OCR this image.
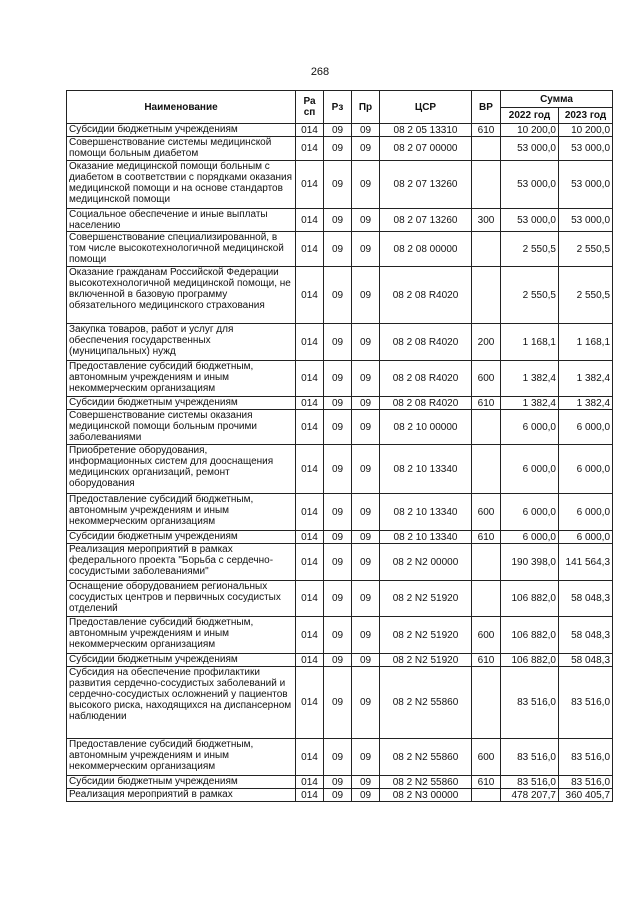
268
Наименование	Ра сп	Рз	Пр	ЦСР	ВР	Сумма	
						2022 год	2023 год
Субсидии бюджетным учреждениям	014	09	09	08 2 05 13310	610	10 200,0	10 200,0
Совершенствование системы медицинской помощи больным диабетом	014	09	09	08 2 07 00000		53 000,0	53 000,0
Оказание медицинской помощи больным с диабетом в соответствии с порядками оказания медицинской помощи и на основе стандартов медицинской помощи	014	09	09	08 2 07 13260		53 000,0	53 000,0
Социальное обеспечение и иные выплаты населению	014	09	09	08 2 07 13260	300	53 000,0	53 000,0
Совершенствование специализированной, в том числе высокотехнологичной медицинской помощи	014	09	09	08 2 08 00000		2 550,5	2 550,5
Оказание гражданам Российской Федерации высокотехнологичной медицинской помощи, не включенной в базовую программу обязательного медицинского страхования	014	09	09	08 2 08 R4020		2 550,5	2 550,5
Закупка товаров, работ и услуг для обеспечения государственных (муниципальных) нужд	014	09	09	08 2 08 R4020	200	1 168,1	1 168,1
Предоставление субсидий бюджетным, автономным учреждениям и иным некоммерческим организациям	014	09	09	08 2 08 R4020	600	1 382,4	1 382,4
Субсидии бюджетным учреждениям	014	09	09	08 2 08 R4020	610	1 382,4	1 382,4
Совершенствование системы оказания медицинской помощи больным прочими заболеваниями	014	09	09	08 2 10 00000		6 000,0	6 000,0
Приобретение оборудования, информационных систем для дооснащения медицинских организаций, ремонт оборудования	014	09	09	08 2 10 13340		6 000,0	6 000,0
Предоставление субсидий бюджетным, автономным учреждениям и иным некоммерческим организациям	014	09	09	08 2 10 13340	600	6 000,0	6 000,0
Субсидии бюджетным учреждениям	014	09	09	08 2 10 13340	610	6 000,0	6 000,0
Реализация мероприятий в рамках федерального проекта "Борьба с сердечно-сосудистыми заболеваниями"	014	09	09	08 2 N2 00000		190 398,0	141 564,3
Оснащение оборудованием региональных сосудистых центров и первичных сосудистых отделений	014	09	09	08 2 N2 51920		106 882,0	58 048,3
Предоставление субсидий бюджетным, автономным учреждениям и иным некоммерческим организациям	014	09	09	08 2 N2 51920	600	106 882,0	58 048,3
Субсидии бюджетным учреждениям	014	09	09	08 2 N2 51920	610	106 882,0	58 048,3
Субсидия на обеспечение профилактики развития сердечно-сосудистых заболеваний и сердечно-сосудистых осложнений у пациентов высокого риска, находящихся на диспансерном наблюдении	014	09	09	08 2 N2 55860		83 516,0	83 516,0
Предоставление субсидий бюджетным, автономным учреждениям и иным некоммерческим организациям	014	09	09	08 2 N2 55860	600	83 516,0	83 516,0
Субсидии бюджетным учреждениям	014	09	09	08 2 N2 55860	610	83 516,0	83 516,0
Реализация мероприятий в рамках	014	09	09	08 2 N3 00000		478 207,7	360 405,7
